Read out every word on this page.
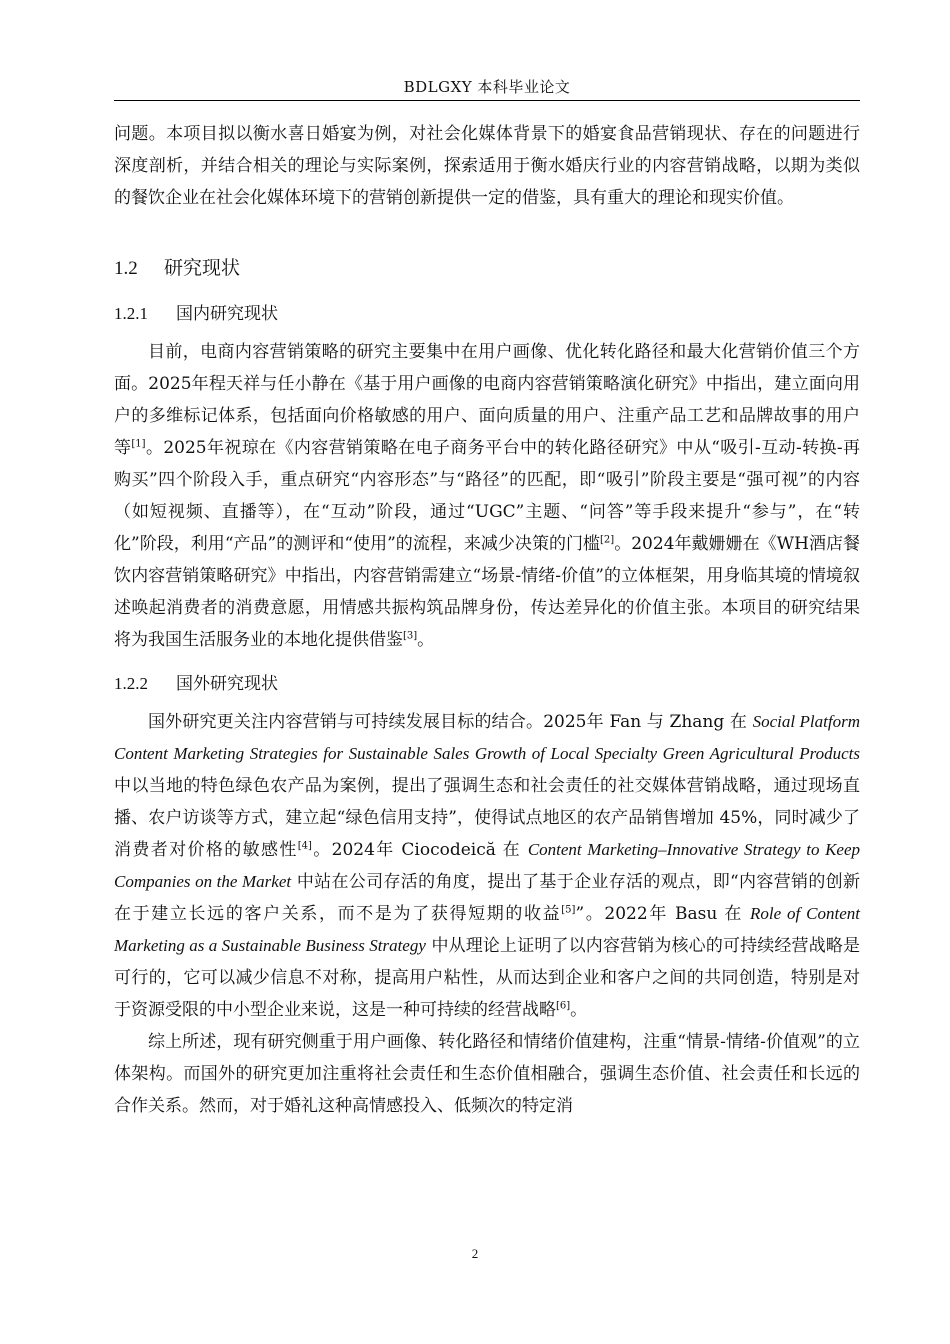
BDLGXY 本科毕业论文

问题。本项目拟以衡水喜日婚宴为例，对社会化媒体背景下的婚宴食品营销现状、存在的问题进行深度剖析，并结合相关的理论与实际案例，探索适用于衡水婚庆行业的内容营销战略，以期为类似的餐饮企业在社会化媒体环境下的营销创新提供一定的借鉴，具有重大的理论和现实价值。

1.2 研究现状
1.2.1 国内研究现状

目前，电商内容营销策略的研究主要集中在用户画像、优化转化路径和最大化营销价值三个方面。2025年程天祥与任小静在《基于用户画像的电商内容营销策略演化研究》中指出，建立面向用户的多维标记体系，包括面向价格敏感的用户、面向质量的用户、注重产品工艺和品牌故事的用户等[1]。2025年祝琼在《内容营销策略在电子商务平台中的转化路径研究》中从“吸引-互动-转换-再购买”四个阶段入手，重点研究“内容形态”与“路径”的匹配，即“吸引”阶段主要是“强可视”的内容（如短视频、直播等），在“互动”阶段，通过“UGC”主题、“问答”等手段来提升“参与”，在“转化”阶段，利用“产品”的测评和“使用”的流程，来减少决策的门槛[2]。2024年戴姗姗在《WH酒店餐饮内容营销策略研究》中指出，内容营销需建立“场景-情绪-价值”的立体框架，用身临其境的情境叙述唤起消费者的消费意愿，用情感共振构筑品牌身份，传达差异化的价值主张。本项目的研究结果将为我国生活服务业的本地化提供借鉴[3]。

1.2.2 国外研究现状

国外研究更关注内容营销与可持续发展目标的结合。2025年 Fan 与 Zhang 在 Social Platform Content Marketing Strategies for Sustainable Sales Growth of Local Specialty Green Agricultural Products 中以当地的特色绿色农产品为案例，提出了强调生态和社会责任的社交媒体营销战略，通过现场直播、农户访谈等方式，建立起“绿色信用支持”，使得试点地区的农产品销售增加 45%，同时减少了消费者对价格的敏感性[4]。2024年 Ciocodeică 在 Content Marketing–Innovative Strategy to Keep Companies on the Market 中站在公司存活的角度，提出了基于企业存活的观点，即“内容营销的创新在于建立长远的客户关系，而不是为了获得短期的收益[5]”。2022年 Basu 在 Role of Content Marketing as a Sustainable Business Strategy 中从理论上证明了以内容营销为核心的可持续经营战略是可行的，它可以减少信息不对称，提高用户粘性，从而达到企业和客户之间的共同创造，特别是对于资源受限的中小型企业来说，这是一种可持续的经营战略[6]。

综上所述，现有研究侧重于用户画像、转化路径和情绪价值建构，注重“情景-情绪-价值观”的立体架构。而国外的研究更加注重将社会责任和生态价值相融合，强调生态价值、社会责任和长远的合作关系。然而，对于婚礼这种高情感投入、低频次的特定消

2
